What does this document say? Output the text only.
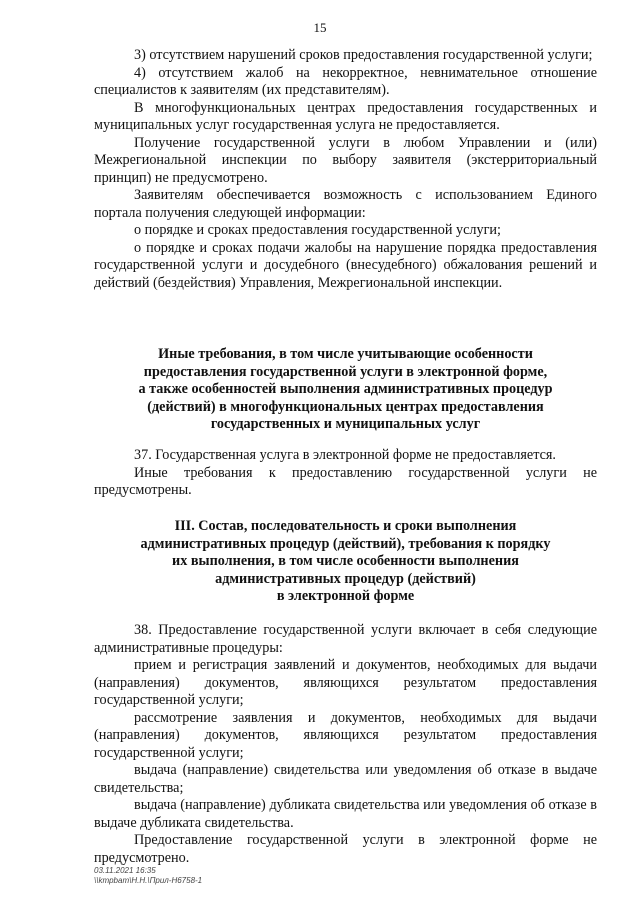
15

3) отсутствием нарушений сроков предоставления государственной услуги;

4) отсутствием жалоб на некорректное, невнимательное отношение специалистов к заявителям (их представителям).

В многофункциональных центрах предоставления государственных и муниципальных услуг государственная услуга не предоставляется.

Получение государственной услуги в любом Управлении и (или) Межрегиональной инспекции по выбору заявителя (экстерриториальный принцип) не предусмотрено.

Заявителям обеспечивается возможность с использованием Единого портала получения следующей информации:

о порядке и сроках предоставления государственной услуги;

о порядке и сроках подачи жалобы на нарушение порядка предоставления государственной услуги и досудебного (внесудебного) обжалования решений и действий (бездействия) Управления, Межрегиональной инспекции.

Иные требования, в том числе учитывающие особенности
предоставления государственной услуги в электронной форме,
а также особенностей выполнения административных процедур
(действий) в многофункциональных центрах предоставления
государственных и муниципальных услуг

37. Государственная услуга в электронной форме не предоставляется.

Иные требования к предоставлению государственной услуги не предусмотрены.

III. Состав, последовательность и сроки выполнения
административных процедур (действий), требования к порядку
их выполнения, в том числе особенности выполнения
административных процедур (действий)
в электронной форме

38. Предоставление государственной услуги включает в себя следующие административные процедуры:

прием и регистрация заявлений и документов, необходимых для выдачи (направления) документов, являющихся результатом предоставления государственной услуги;

рассмотрение заявления и документов, необходимых для выдачи (направления) документов, являющихся результатом предоставления государственной услуги;

выдача (направление) свидетельства или уведомления об отказе в выдаче свидетельства;

выдача (направление) дубликата свидетельства или уведомления об отказе в выдаче дубликата свидетельства.

Предоставление государственной услуги в электронной форме не предусмотрено.

03.11.2021 16:35
\\kmpbam\Н.Н.\Прил-Н6758-1
